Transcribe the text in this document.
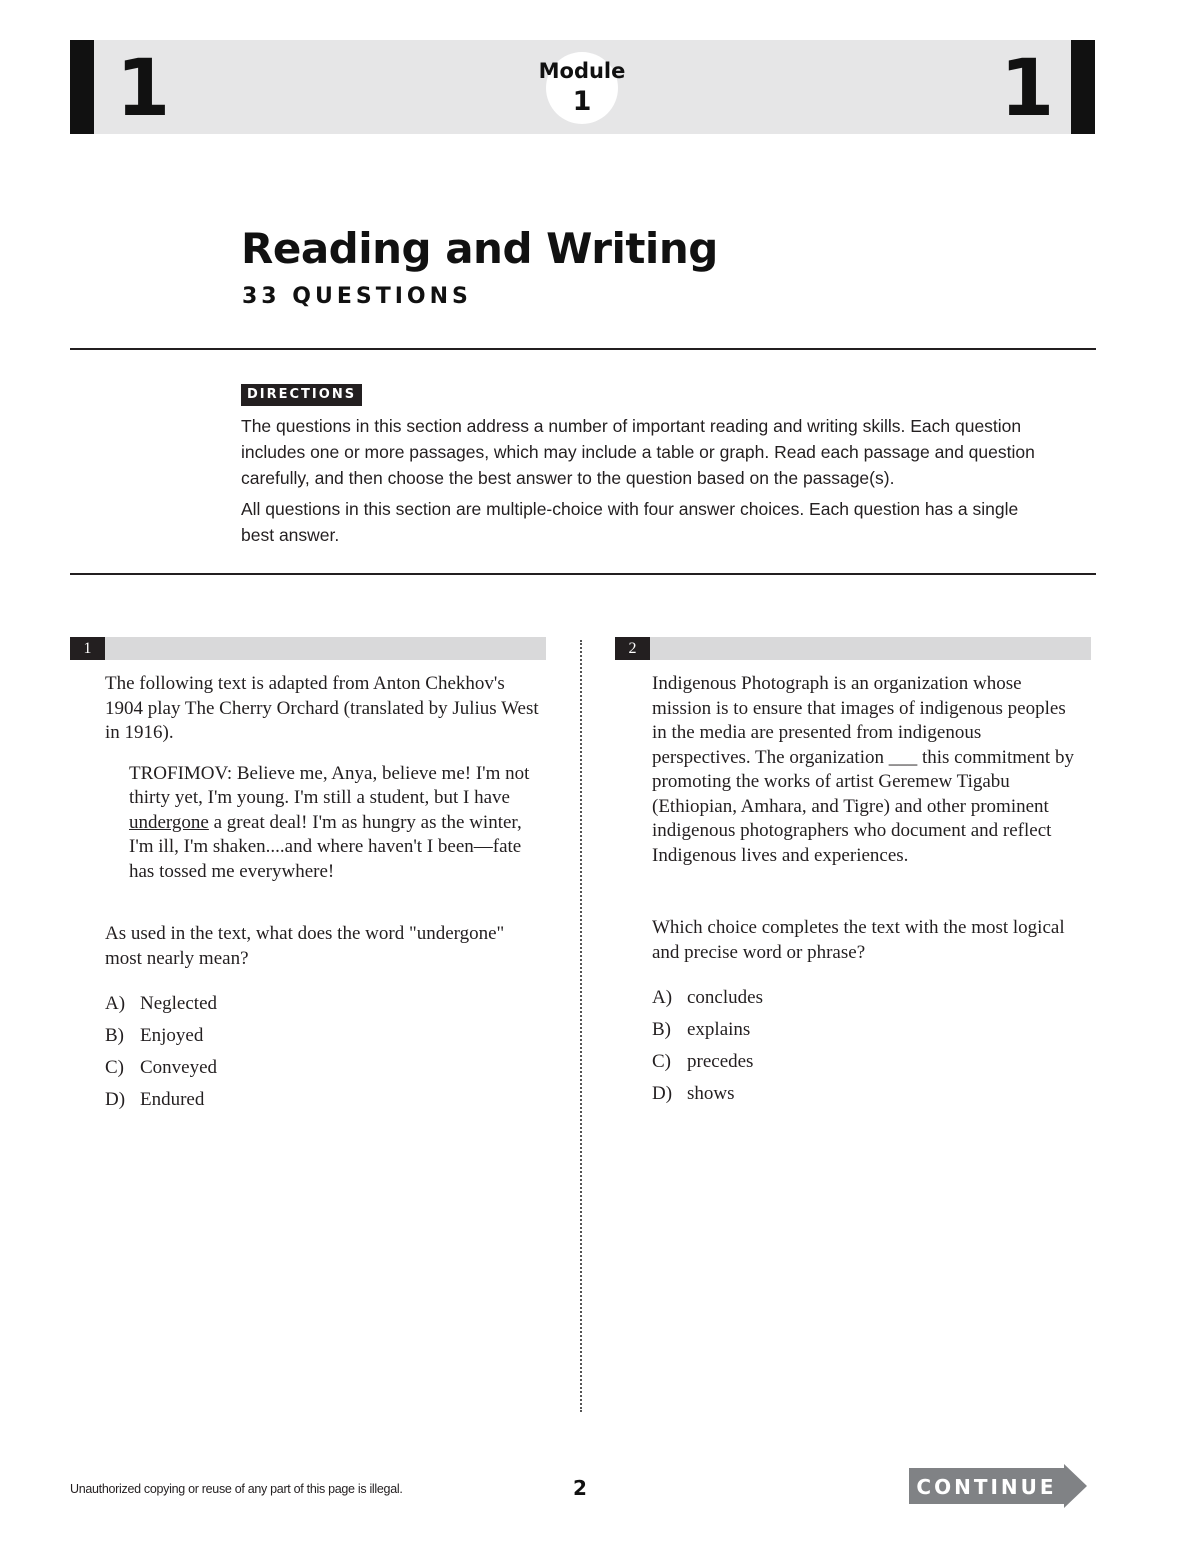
1	1
Module
1
Reading and Writing
33 QUESTIONS
DIRECTIONS

The questions in this section address a number of important reading and writing skills. Each question includes one or more passages, which may include a table or graph. Read each passage and question carefully, and then choose the best answer to the question based on the passage(s).

All questions in this section are multiple-choice with four answer choices. Each question has a single best answer.

1

The following text is adapted from Anton Chekhov's 1904 play The Cherry Orchard (translated by Julius West in 1916).

TROFIMOV: Believe me, Anya, believe me! I'm not thirty yet, I'm young. I'm still a student, but I have undergone a great deal! I'm as hungry as the winter, I'm ill, I'm shaken....and where haven't I been—fate has tossed me everywhere!

As used in the text, what does the word "undergone" most nearly mean?

A) Neglected
B) Enjoyed
C) Conveyed
D) Endured
2

Indigenous Photograph is an organization whose mission is to ensure that images of indigenous peoples in the media are presented from indigenous perspectives. The organization ___ this commitment by promoting the works of artist Geremew Tigabu (Ethiopian, Amhara, and Tigre) and other prominent indigenous photographers who document and reflect Indigenous lives and experiences.

Which choice completes the text with the most logical and precise word or phrase?

A) concludes
B) explains
C) precedes
D) shows
Unauthorized copying or reuse of any part of this page is illegal.	2	CONTINUE
